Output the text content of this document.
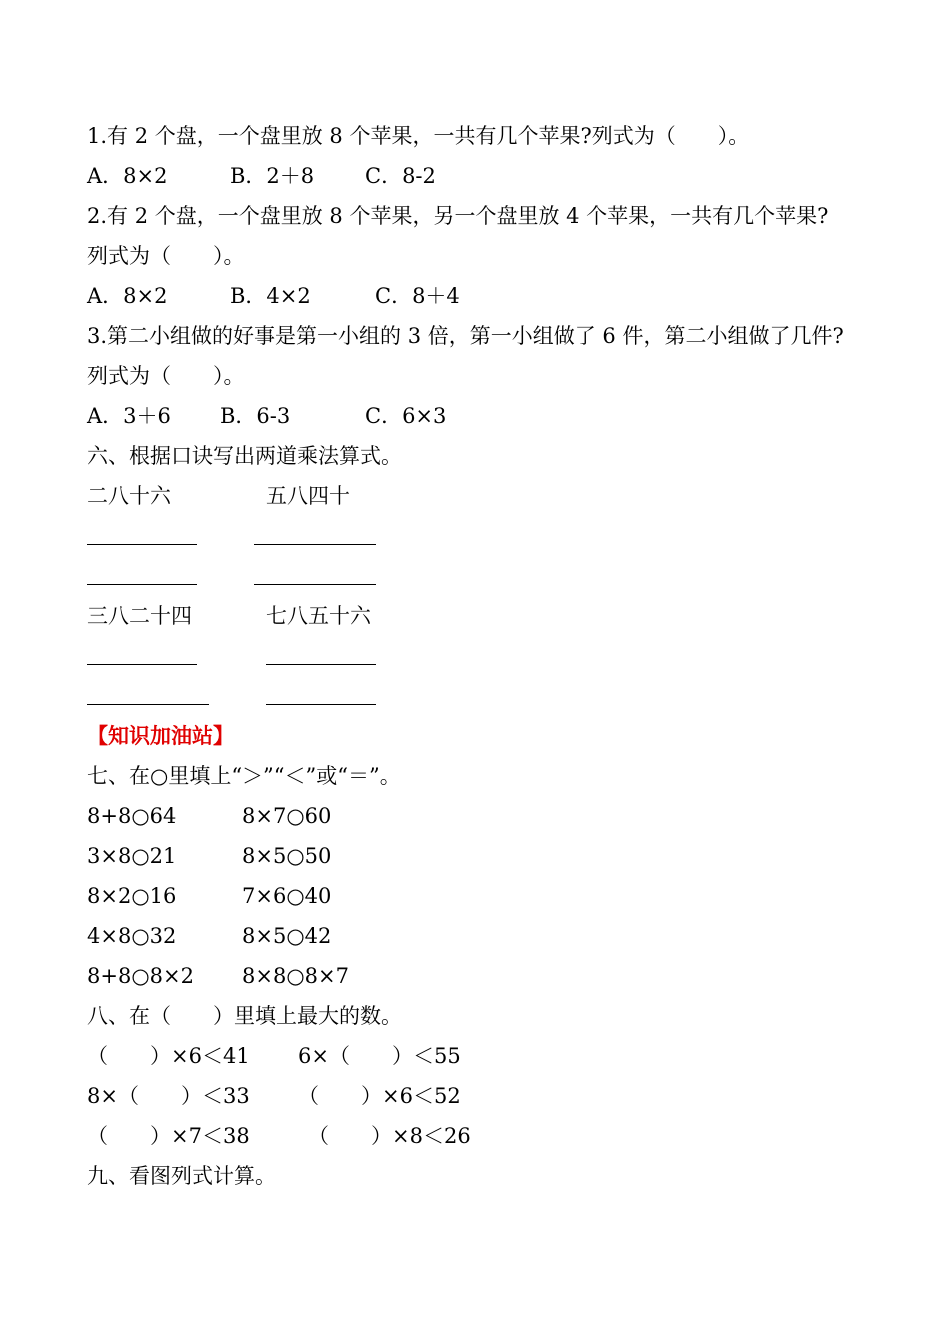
1.有 2 个盘，一个盘里放 8 个苹果，一共有几个苹果?列式为（　　）。
A．8×2	B．2＋8 C．8-2
2.有 2 个盘，一个盘里放 8 个苹果，另一个盘里放 4 个苹果，一共有几个苹果?
列式为（　　）。
A．8×2	B．4×2	C．8＋4
3.第二小组做的好事是第一小组的 3 倍，第一小组做了 6 件，第二小组做了几件?
列式为（　　）。
A．3＋6 B．6-3	C．6×3
六、根据口诀写出两道乘法算式。
二八十六	五八四十
三八二十四	七八五十六
【知识加油站】
七、在○里填上“＞”“＜”或“＝”。
8+8○64	8×7○60
3×8○21	8×5○50
8×2○16	7×6○40
4×8○32	8×5○42
8+8○8×2 8×8○8×7
八、在（　　）里填上最大的数。
（　　）×6＜41 6×（　　）＜55
8×（　　）＜33 （　　）×6＜52
（　　）×7＜38	（　　）×8＜26
九、看图列式计算。
